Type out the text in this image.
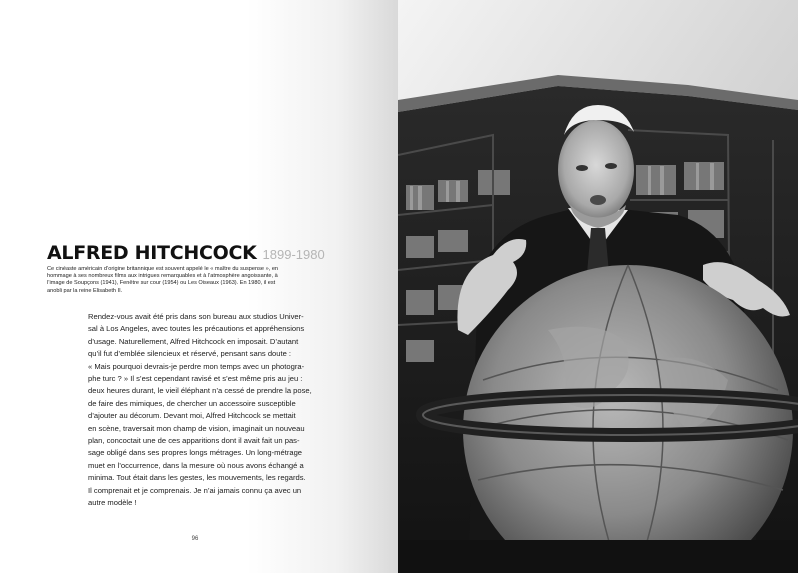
ALFRED HITCHCOCK 1899-1980
Ce cinéaste américain d’origine britannique est souvent appelé le « maître du suspense », en
hommage à ses nombreux films aux intrigues remarquables et à l’atmosphère angoissante, à
l’image de Soupçons (1941), Fenêtre sur cour (1954) ou Les Oiseaux (1963). En 1980, il est
anobli par la reine Elisabeth II.
Rendez-vous avait été pris dans son bureau aux studios Univer-
sal à Los Angeles, avec toutes les précautions et appréhensions
d’usage. Naturellement, Alfred Hitchcock en imposait. D’autant
qu’il fut d’emblée silencieux et réservé, pensant sans doute :
« Mais pourquoi devrais-je perdre mon temps avec un photogra-
phe turc ? » Il s’est cependant ravisé et s’est même pris au jeu :
deux heures durant, le vieil éléphant n’a cessé de prendre la pose,
de faire des mimiques, de chercher un accessoire susceptible
d’ajouter au décorum. Devant moi, Alfred Hitchcock se mettait
en scène, traversait mon champ de vision, imaginait un nouveau
plan, concoctait une de ces apparitions dont il avait fait un pas-
sage obligé dans ses propres longs métrages. Un long-métrage
muet en l’occurrence, dans la mesure où nous avons échangé a
minima. Tout était dans les gestes, les mouvements, les regards.
Il comprenait et je comprenais. Je n’ai jamais connu ça avec un
autre modèle !
96
